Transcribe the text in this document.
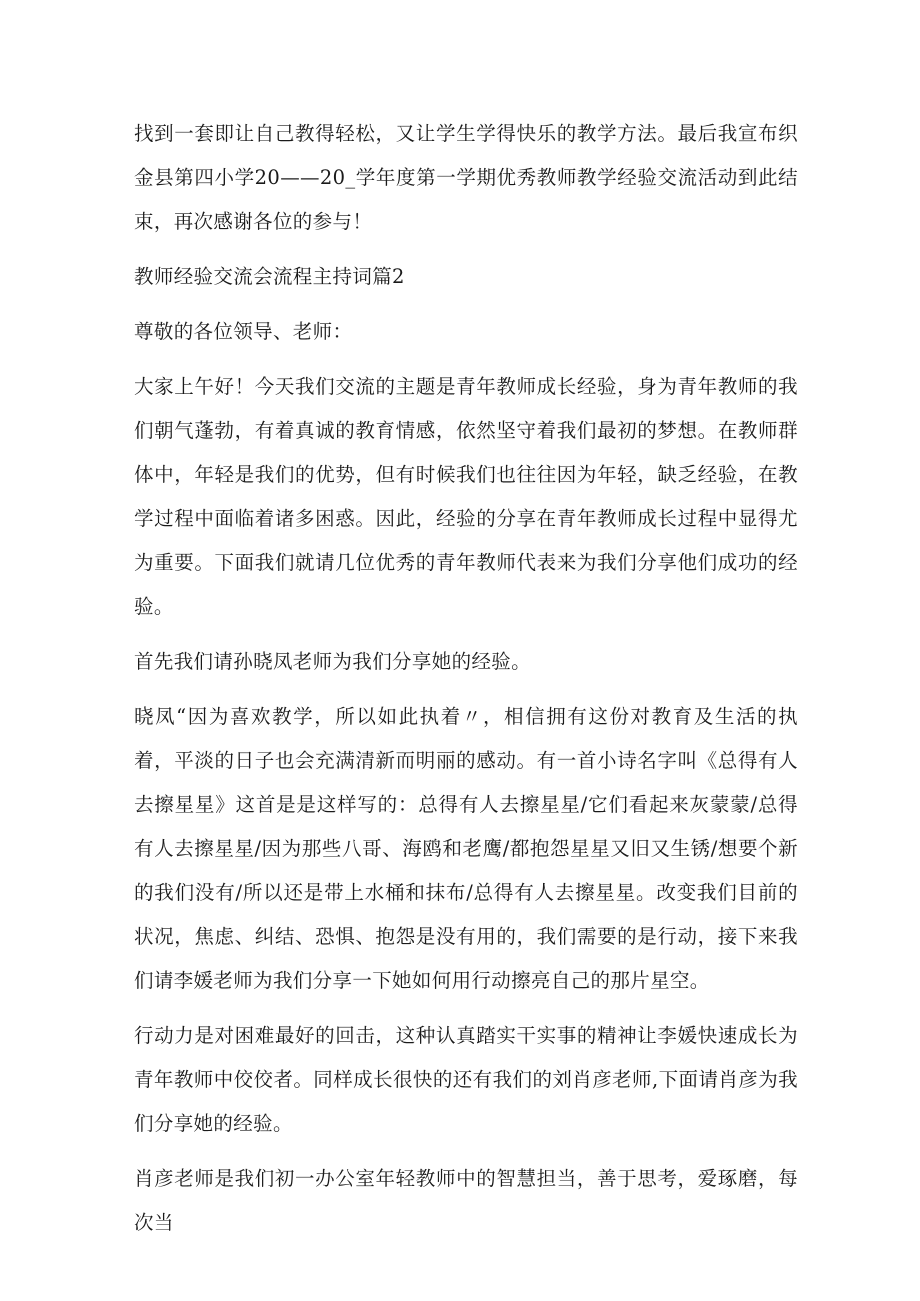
找到一套即让自己教得轻松，又让学生学得快乐的教学方法。最后我宣布织金县第四小学20——20_学年度第一学期优秀教师教学经验交流活动到此结束，再次感谢各位的参与！

教师经验交流会流程主持词篇2

尊敬的各位领导、老师：

大家上午好！今天我们交流的主题是青年教师成长经验，身为青年教师的我们朝气蓬勃，有着真诚的教育情感，依然坚守着我们最初的梦想。在教师群体中，年轻是我们的优势，但有时候我们也往往因为年轻，缺乏经验，在教学过程中面临着诸多困惑。因此，经验的分享在青年教师成长过程中显得尤为重要。下面我们就请几位优秀的青年教师代表来为我们分享他们成功的经验。

首先我们请孙晓凤老师为我们分享她的经验。

晓凤“因为喜欢教学，所以如此执着〃，相信拥有这份对教育及生活的执着，平淡的日子也会充满清新而明丽的感动。有一首小诗名字叫《总得有人去擦星星》这首是是这样写的：总得有人去擦星星/它们看起来灰蒙蒙/总得有人去擦星星/因为那些八哥、海鸥和老鹰/都抱怨星星又旧又生锈/想要个新的我们没有/所以还是带上水桶和抹布/总得有人去擦星星。改变我们目前的状况，焦虑、纠结、恐惧、抱怨是没有用的，我们需要的是行动，接下来我们请李媛老师为我们分享一下她如何用行动擦亮自己的那片星空。

行动力是对困难最好的回击，这种认真踏实干实事的精神让李媛快速成长为青年教师中佼佼者。同样成长很快的还有我们的刘肖彦老师,下面请肖彦为我们分享她的经验。

肖彦老师是我们初一办公室年轻教师中的智慧担当，善于思考，爱琢磨，每次当
